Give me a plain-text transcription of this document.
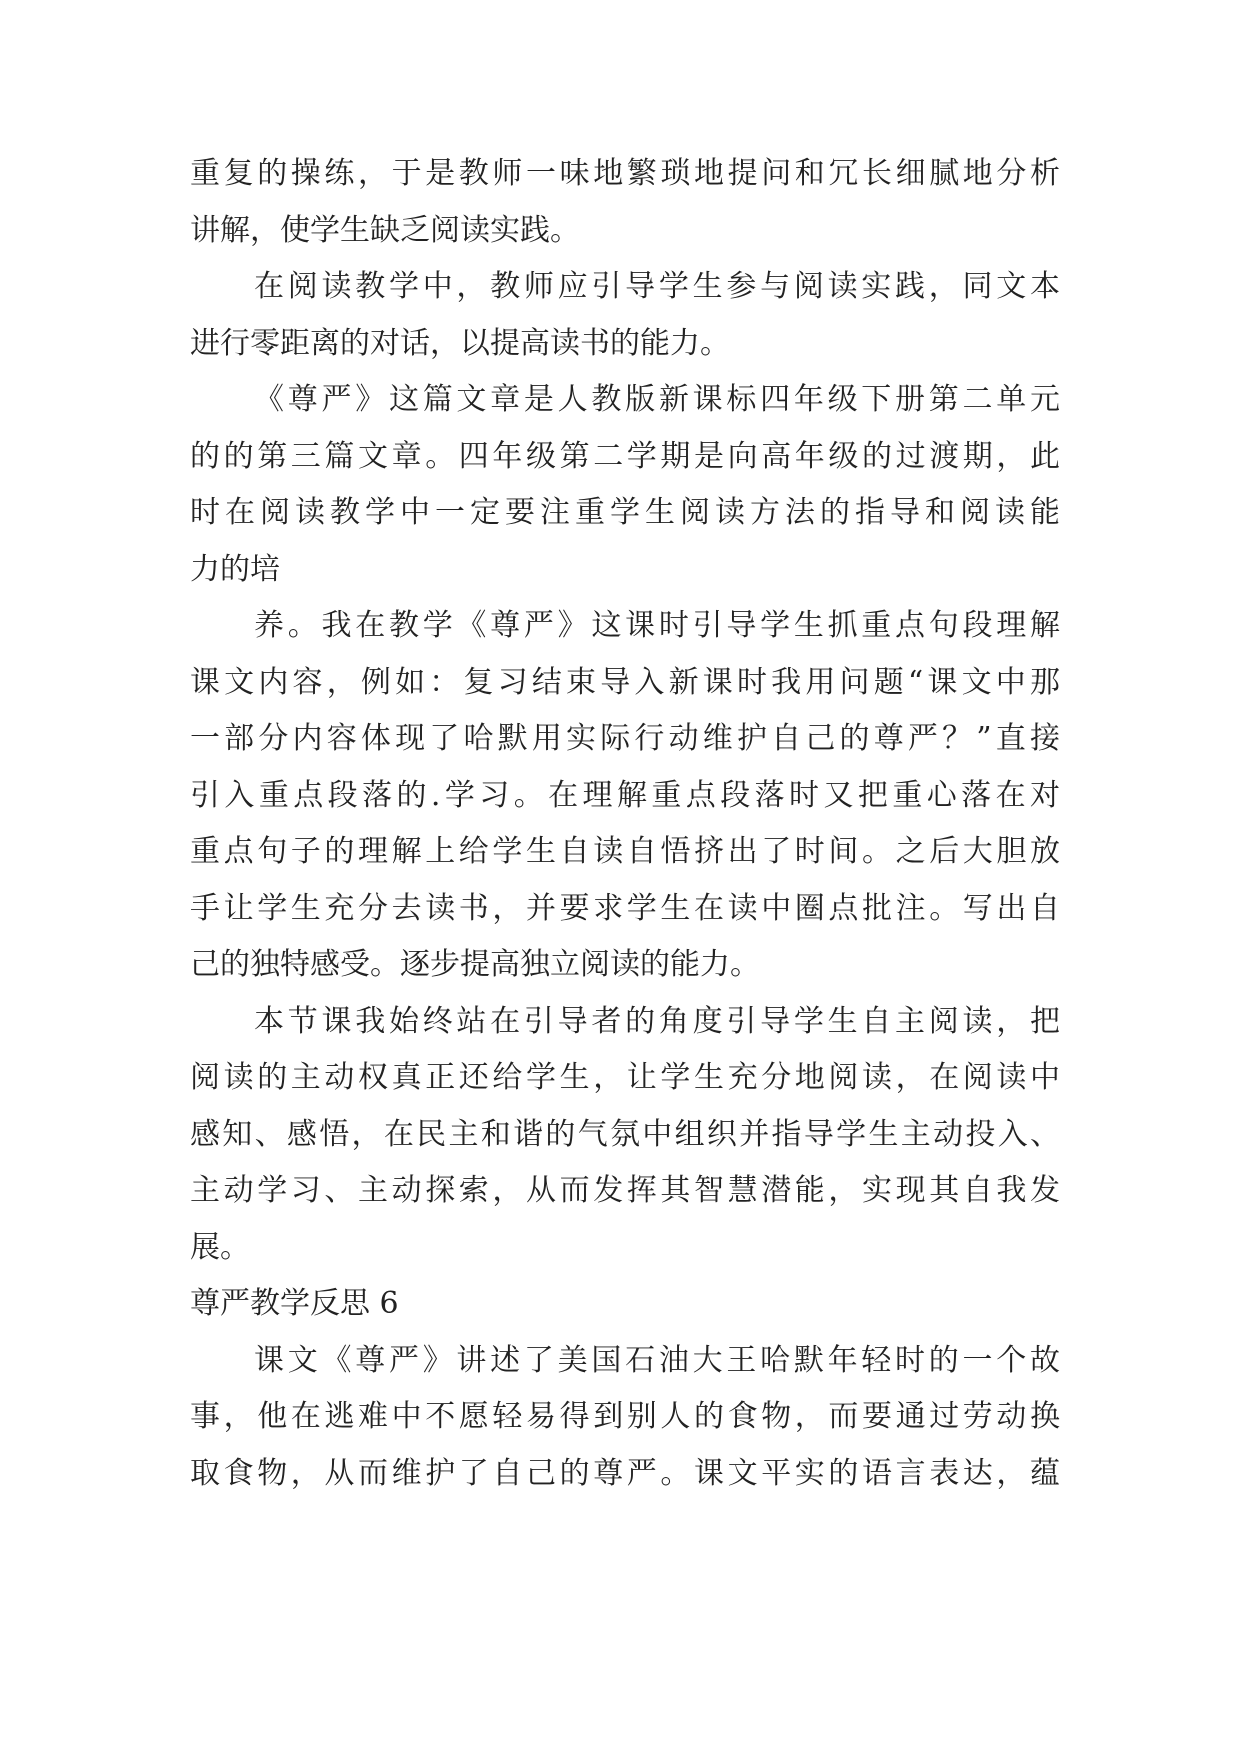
重复的操练，于是教师一味地繁琐地提问和冗长细腻地分析
讲解，使学生缺乏阅读实践。
在阅读教学中，教师应引导学生参与阅读实践，同文本
进行零距离的对话，以提高读书的能力。
《尊严》这篇文章是人教版新课标四年级下册第二单元
的的第三篇文章。四年级第二学期是向高年级的过渡期，此
时在阅读教学中一定要注重学生阅读方法的指导和阅读能
力的培
养。我在教学《尊严》这课时引导学生抓重点句段理解
课文内容，例如：复习结束导入新课时我用问题“课文中那
一部分内容体现了哈默用实际行动维护自己的尊严？”直接
引入重点段落的.学习。在理解重点段落时又把重心落在对
重点句子的理解上给学生自读自悟挤出了时间。之后大胆放
手让学生充分去读书，并要求学生在读中圈点批注。写出自
己的独特感受。逐步提高独立阅读的能力。
本节课我始终站在引导者的角度引导学生自主阅读，把
阅读的主动权真正还给学生，让学生充分地阅读，在阅读中
感知、感悟，在民主和谐的气氛中组织并指导学生主动投入、
主动学习、主动探索，从而发挥其智慧潜能，实现其自我发
展。
尊严教学反思 6
课文《尊严》讲述了美国石油大王哈默年轻时的一个故
事，他在逃难中不愿轻易得到别人的食物，而要通过劳动换
取食物，从而维护了自己的尊严。课文平实的语言表达，蕴
